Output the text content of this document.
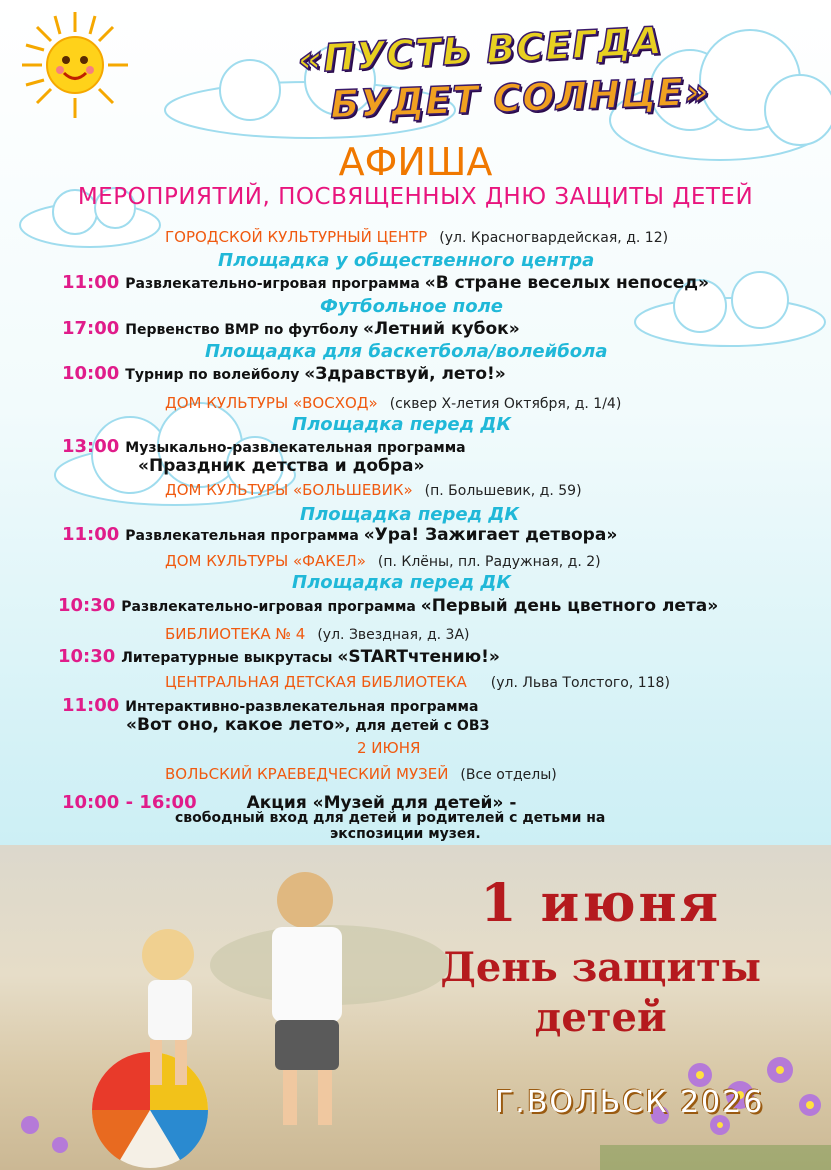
«ПУСТЬ ВСЕГДА
БУДЕТ СОЛНЦЕ»
АФИША
МЕРОПРИЯТИЙ, ПОСВЯЩЕННЫХ ДНЮ ЗАЩИТЫ ДЕТЕЙ
ГОРОДСКОЙ КУЛЬТУРНЫЙ ЦЕНТР (ул. Красногвардейская, д. 12)
Площадка у общественного центра
11:00 Развлекательно-игровая программа «В стране веселых непосед»
Футбольное поле
17:00 Первенство ВМР по футболу «Летний кубок»
Площадка для баскетбола/волейбола
10:00 Турнир по волейболу «Здравствуй, лето!»
ДОМ КУЛЬТУРЫ «ВОСХОД» (сквер Х-летия Октября, д. 1/4)
Площадка перед ДК
13:00 Музыкально-развлекательная программа
«Праздник детства и добра»
ДОМ КУЛЬТУРЫ «БОЛЬШЕВИК» (п. Большевик, д. 59)
Площадка перед ДК
11:00 Развлекательная программа «Ура! Зажигает детвора»
ДОМ КУЛЬТУРЫ «ФАКЕЛ» (п. Клёны, пл. Радужная, д. 2)
Площадка перед ДК
10:30 Развлекательно-игровая программа «Первый день цветного лета»
БИБЛИОТЕКА № 4 (ул. Звездная, д. 3А)
10:30 Литературные выкрутасы «STARTчтению!»
ЦЕНТРАЛЬНАЯ ДЕТСКАЯ БИБЛИОТЕКА (ул. Льва Толстого, 118)
11:00 Интерактивно-развлекательная программа
«Вот оно, какое лето», для детей с ОВЗ
2 ИЮНЯ
ВОЛЬСКИЙ КРАЕВЕДЧЕСКИЙ МУЗЕЙ (Все отделы)
10:00 - 16:00	Акция «Музей для детей» -
свободный вход для детей и родителей с детьми на
экспозиции музея.
1 июня
День защиты
детей
Г.ВОЛЬСК 2026
